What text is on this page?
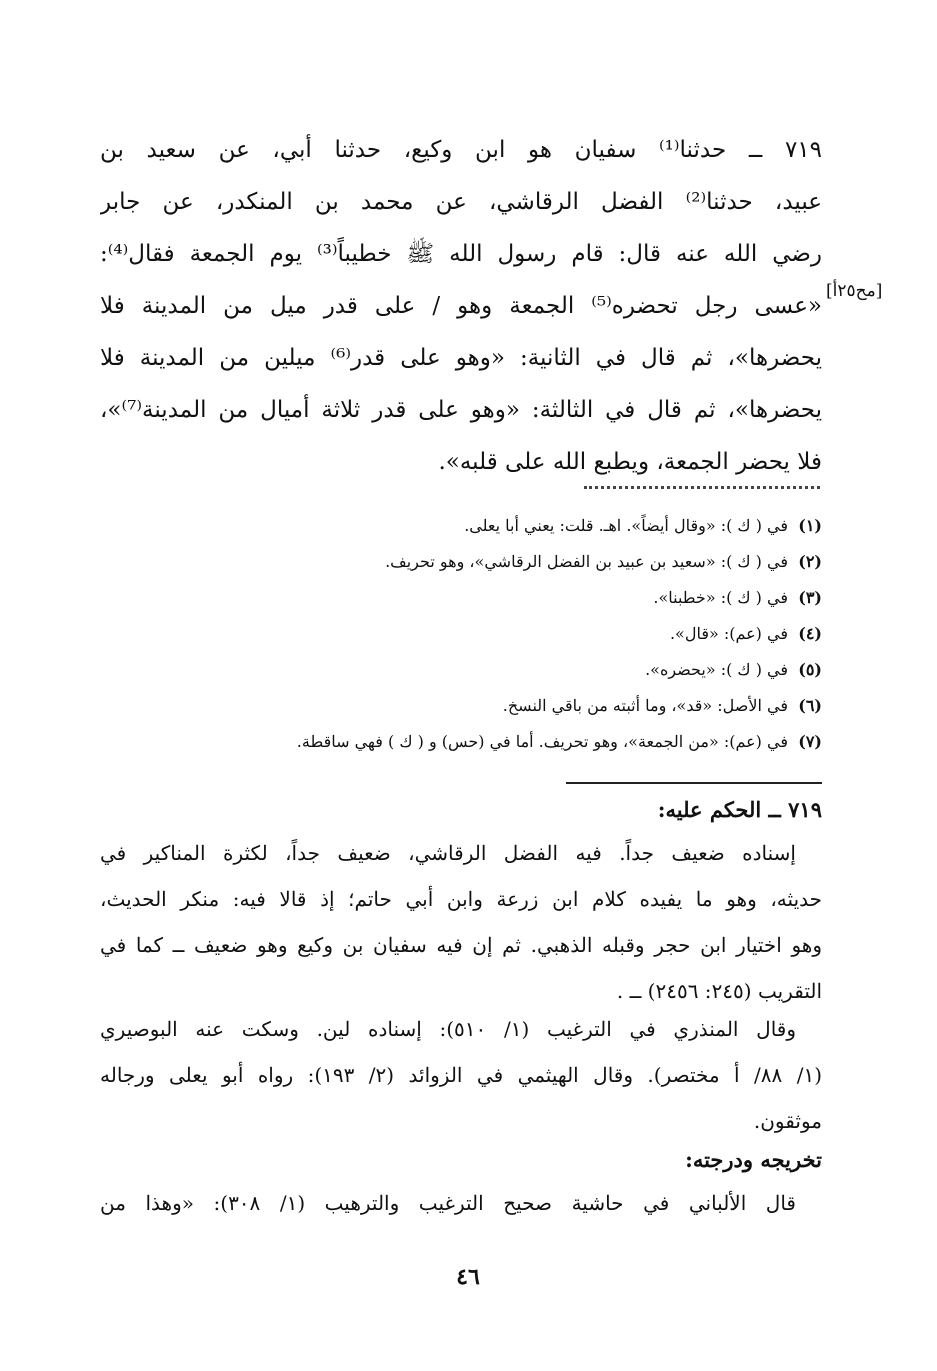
٧١٩ ــ حدثنا⁽¹⁾ سفيان هو ابن وكيع، حدثنا أبي، عن سعيد بن
عبيد، حدثنا⁽²⁾ الفضل الرقاشي، عن محمد بن المنكدر، عن جابر
رضي الله عنه قال: قام رسول الله ﷺ خطيباً⁽³⁾ يوم الجمعة فقال⁽⁴⁾:
«عسى رجل تحضره⁽⁵⁾ الجمعة وهو / على قدر ميل من المدينة فلا
يحضرها»، ثم قال في الثانية: «وهو على قدر⁽⁶⁾ ميلين من المدينة فلا
يحضرها»، ثم قال في الثالثة: «وهو على قدر ثلاثة أميال من المدينة⁽⁷⁾»،
فلا يحضر الجمعة، ويطبع الله على قلبه».
[مح٢٥أ]
(١)في ( ك ): «وقال أيضاً». اهـ. قلت: يعني أبا يعلى.
(٢)في ( ك ): «سعيد بن عبيد بن الفضل الرقاشي»، وهو تحريف.
(٣)في ( ك ): «خطبنا».
(٤)في (عم): «قال».
(٥)في ( ك ): «يحضره».
(٦)في الأصل: «قد»، وما أثبته من باقي النسخ.
(٧)في (عم): «من الجمعة»، وهو تحريف. أما في (حس) و ( ك ) فهي ساقطة.
٧١٩ ــ الحكم عليه:
إسناده ضعيف جداً. فيه الفضل الرقاشي، ضعيف جداً، لكثرة المناكير في
حديثه، وهو ما يفيده كلام ابن زرعة وابن أبي حاتم؛ إذ قالا فيه: منكر الحديث،
وهو اختيار ابن حجر وقبله الذهبي. ثم إن فيه سفيان بن وكيع وهو ضعيف ــ كما في
التقريب (٢٤٥: ٢٤٥٦) ــ .
وقال المنذري في الترغيب (١/ ٥١٠): إسناده لين. وسكت عنه البوصيري
(١/ ٨٨/ أ مختصر). وقال الهيثمي في الزوائد (٢/ ١٩٣): رواه أبو يعلى ورجاله
موثقون.
تخريجه ودرجته:
قال الألباني في حاشية صحيح الترغيب والترهيب (١/ ٣٠٨): «وهذا من
٤٦
